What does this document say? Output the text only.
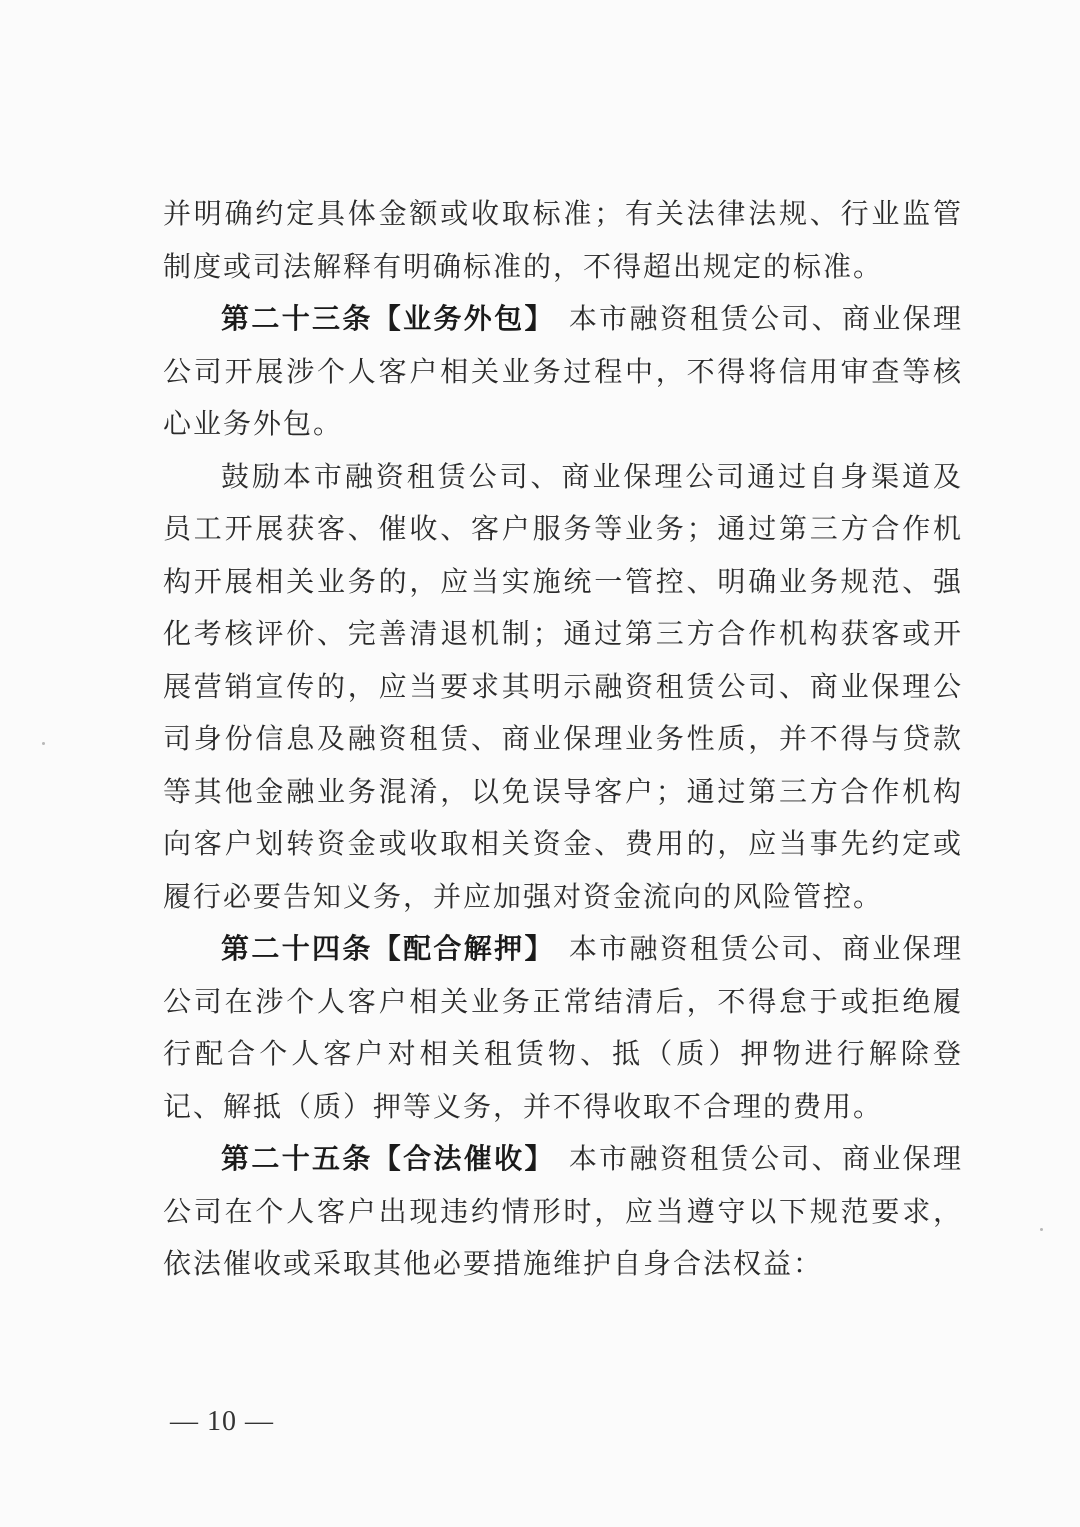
并明确约定具体金额或收取标准；有关法律法规、行业监管制度或司法解释有明确标准的，不得超出规定的标准。

第二十三条【业务外包】 本市融资租赁公司、商业保理公司开展涉个人客户相关业务过程中，不得将信用审查等核心业务外包。

鼓励本市融资租赁公司、商业保理公司通过自身渠道及员工开展获客、催收、客户服务等业务；通过第三方合作机构开展相关业务的，应当实施统一管控、明确业务规范、强化考核评价、完善清退机制；通过第三方合作机构获客或开展营销宣传的，应当要求其明示融资租赁公司、商业保理公司身份信息及融资租赁、商业保理业务性质，并不得与贷款等其他金融业务混淆，以免误导客户；通过第三方合作机构向客户划转资金或收取相关资金、费用的，应当事先约定或履行必要告知义务，并应加强对资金流向的风险管控。

第二十四条【配合解押】 本市融资租赁公司、商业保理公司在涉个人客户相关业务正常结清后，不得怠于或拒绝履行配合个人客户对相关租赁物、抵（质）押物进行解除登记、解抵（质）押等义务，并不得收取不合理的费用。

第二十五条【合法催收】 本市融资租赁公司、商业保理公司在个人客户出现违约情形时，应当遵守以下规范要求，依法催收或采取其他必要措施维护自身合法权益：

— 10 —
